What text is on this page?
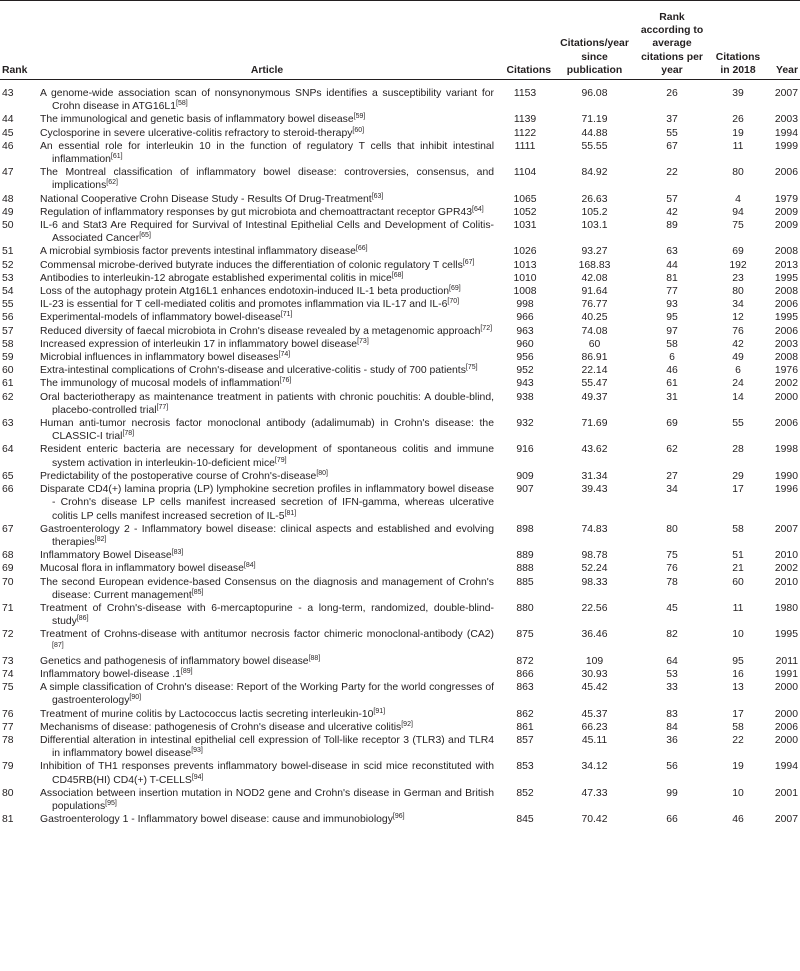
Rank	Article	Citations	Citations/year since publication	Rank according to average citations per year	Citations in 2018	Year
43	A genome-wide association scan of nonsynonymous SNPs identifies a susceptibility variant for Crohn disease in ATG16L1[58]	1153	96.08	26	39	2007
44	The immunological and genetic basis of inflammatory bowel disease[59]	1139	71.19	37	26	2003
45	Cyclosporine in severe ulcerative-colitis refractory to steroid-therapy[60]	1122	44.88	55	19	1994
46	An essential role for interleukin 10 in the function of regulatory T cells that inhibit intestinal inflammation[61]	1111	55.55	67	11	1999
47	The Montreal classification of inflammatory bowel disease: controversies, consensus, and implications[62]	1104	84.92	22	80	2006
48	National Cooperative Crohn Disease Study - Results Of Drug-Treatment[63]	1065	26.63	57	4	1979
49	Regulation of inflammatory responses by gut microbiota and chemoattractant receptor GPR43[64]	1052	105.2	42	94	2009
50	IL-6 and Stat3 Are Required for Survival of Intestinal Epithelial Cells and Development of Colitis-Associated Cancer[65]	1031	103.1	89	75	2009
51	A microbial symbiosis factor prevents intestinal inflammatory disease[66]	1026	93.27	63	69	2008
52	Commensal microbe-derived butyrate induces the differentiation of colonic regulatory T cells[67]	1013	168.83	44	192	2013
53	Antibodies to interleukin-12 abrogate established experimental colitis in mice[68]	1010	42.08	81	23	1995
54	Loss of the autophagy protein Atg16L1 enhances endotoxin-induced IL-1 beta production[69]	1008	91.64	77	80	2008
55	IL-23 is essential for T cell-mediated colitis and promotes inflammation via IL-17 and IL-6[70]	998	76.77	93	34	2006
56	Experimental-models of inflammatory bowel-disease[71]	966	40.25	95	12	1995
57	Reduced diversity of faecal microbiota in Crohn's disease revealed by a metagenomic approach[72]	963	74.08	97	76	2006
58	Increased expression of interleukin 17 in inflammatory bowel disease[73]	960	60	58	42	2003
59	Microbial influences in inflammatory bowel diseases[74]	956	86.91	6	49	2008
60	Extra-intestinal complications of Crohn's-disease and ulcerative-colitis - study of 700 patients[75]	952	22.14	46	6	1976
61	The immunology of mucosal models of inflammation[76]	943	55.47	61	24	2002
62	Oral bacteriotherapy as maintenance treatment in patients with chronic pouchitis: A double-blind, placebo-controlled trial[77]	938	49.37	31	14	2000
63	Human anti-tumor necrosis factor monoclonal antibody (adalimumab) in Crohn's disease: the CLASSIC-I trial[78]	932	71.69	69	55	2006
64	Resident enteric bacteria are necessary for development of spontaneous colitis and immune system activation in interleukin-10-deficient mice[79]	916	43.62	62	28	1998
65	Predictability of the postoperative course of Crohn's-disease[80]	909	31.34	27	29	1990
66	Disparate CD4(+) lamina propria (LP) lymphokine secretion profiles in inflammatory bowel disease - Crohn's disease LP cells manifest increased secretion of IFN-gamma, whereas ulcerative colitis LP cells manifest increased secretion of IL-5[81]	907	39.43	34	17	1996
67	Gastroenterology 2 - Inflammatory bowel disease: clinical aspects and established and evolving therapies[82]	898	74.83	80	58	2007
68	Inflammatory Bowel Disease[83]	889	98.78	75	51	2010
69	Mucosal flora in inflammatory bowel disease[84]	888	52.24	76	21	2002
70	The second European evidence-based Consensus on the diagnosis and management of Crohn's disease: Current management[85]	885	98.33	78	60	2010
71	Treatment of Crohn's-disease with 6-mercaptopurine - a long-term, randomized, double-blind-study[86]	880	22.56	45	11	1980
72	Treatment of Crohns-disease with antitumor necrosis factor chimeric monoclonal-antibody (CA2)[87]	875	36.46	82	10	1995
73	Genetics and pathogenesis of inflammatory bowel disease[88]	872	109	64	95	2011
74	Inflammatory bowel-disease .1[89]	866	30.93	53	16	1991
75	A simple classification of Crohn's disease: Report of the Working Party for the world congresses of gastroenterology[90]	863	45.42	33	13	2000
76	Treatment of murine colitis by Lactococcus lactis secreting interleukin-10[91]	862	45.37	83	17	2000
77	Mechanisms of disease: pathogenesis of Crohn's disease and ulcerative colitis[92]	861	66.23	84	58	2006
78	Differential alteration in intestinal epithelial cell expression of Toll-like receptor 3 (TLR3) and TLR4 in inflammatory bowel disease[93]	857	45.11	36	22	2000
79	Inhibition of TH1 responses prevents inflammatory bowel-disease in scid mice reconstituted with CD45RB(HI) CD4(+) T-CELLS[94]	853	34.12	56	19	1994
80	Association between insertion mutation in NOD2 gene and Crohn's disease in German and British populations[95]	852	47.33	99	10	2001
81	Gastroenterology 1 - Inflammatory bowel disease: cause and immunobiology[96]	845	70.42	66	46	2007
